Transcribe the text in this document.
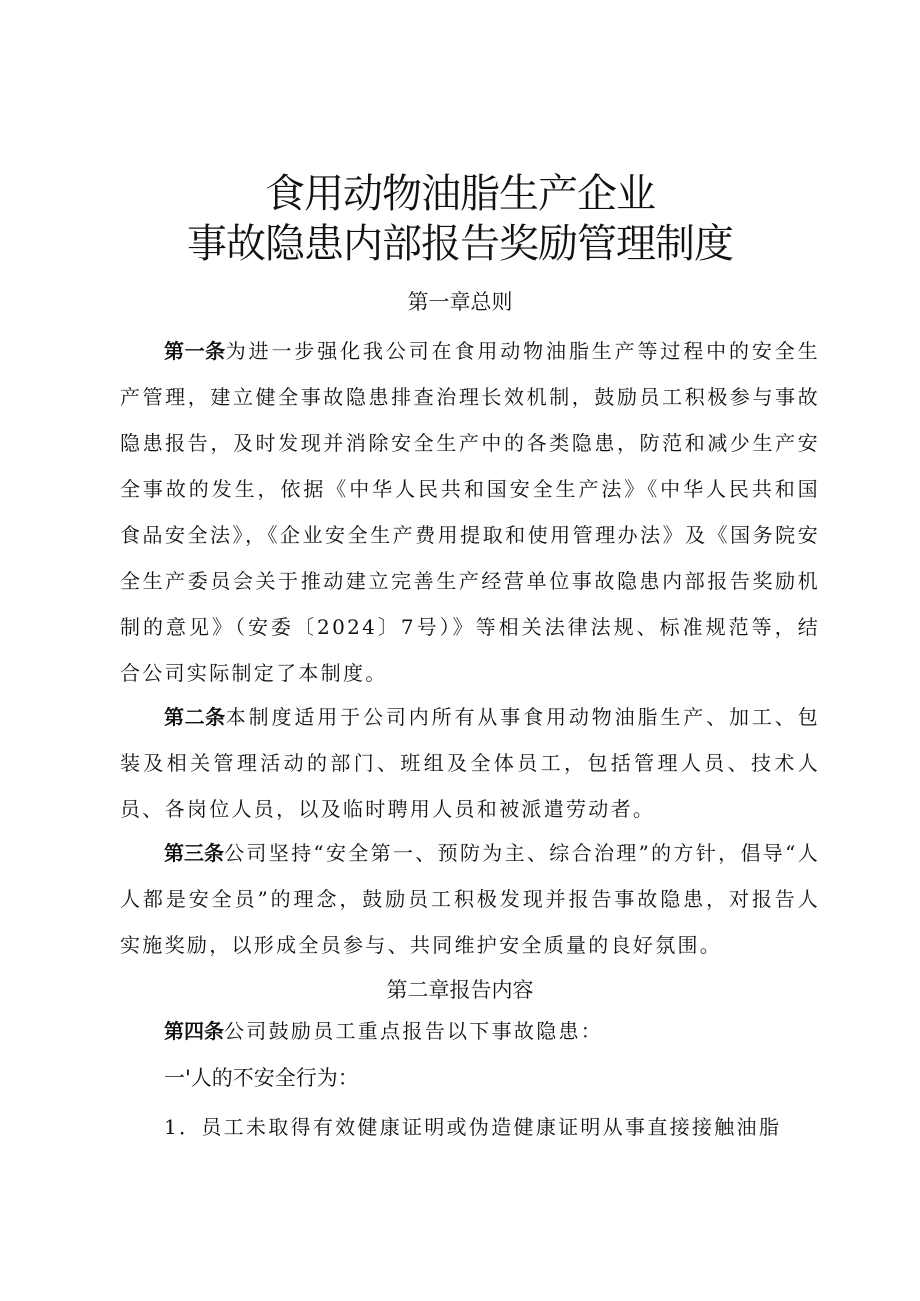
食用动物油脂生产企业
事故隐患内部报告奖励管理制度
第一章总则

第一条为进一步强化我公司在食用动物油脂生产等过程中的安全生产管理，建立健全事故隐患排查治理长效机制，鼓励员工积极参与事故隐患报告，及时发现并消除安全生产中的各类隐患，防范和减少生产安全事故的发生，依据《中华人民共和国安全生产法》《中华人民共和国食品安全法》，《企业安全生产费用提取和使用管理办法》及《国务院安全生产委员会关于推动建立完善生产经营单位事故隐患内部报告奖励机制的意见》（安委〔2024〕7号）》等相关法律法规、标准规范等，结合公司实际制定了本制度。

第二条本制度适用于公司内所有从事食用动物油脂生产、加工、包装及相关管理活动的部门、班组及全体员工，包括管理人员、技术人员、各岗位人员，以及临时聘用人员和被派遣劳动者。

第三条公司坚持“安全第一、预防为主、综合治理”的方针，倡导“人人都是安全员”的理念，鼓励员工积极发现并报告事故隐患，对报告人实施奖励，以形成全员参与、共同维护安全质量的良好氛围。

第二章报告内容

第四条公司鼓励员工重点报告以下事故隐患：

一'人的不安全行为：
1．员工未取得有效健康证明或伪造健康证明从事直接接触油脂
